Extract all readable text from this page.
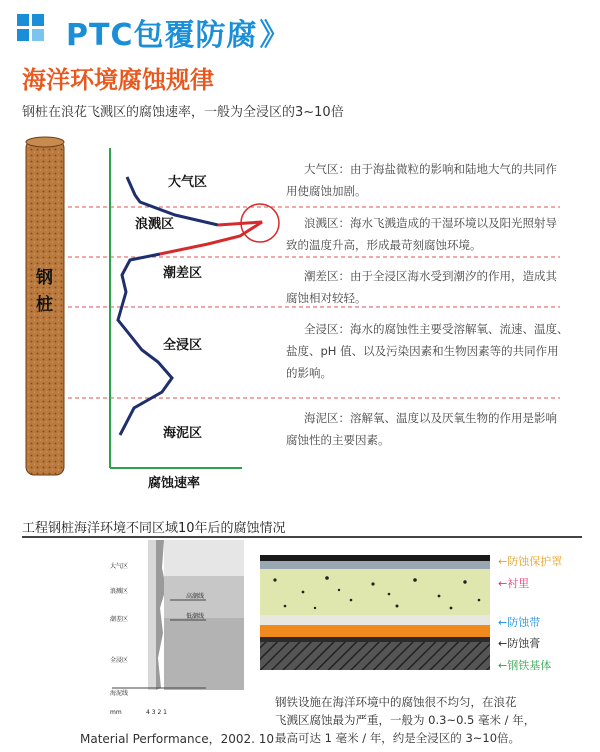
PTC包覆防腐》
海洋环境腐蚀规律
钢桩在浪花飞溅区的腐蚀速率，一般为全浸区的3~10倍
钢
桩
腐蚀速率
大气区
浪溅区
潮差区
全浸区
海泥区
大气区：由于海盐微粒的影响和陆地大气的共同作
用使腐蚀加剧。
浪溅区：海水飞溅造成的干湿环境以及阳光照射导
致的温度升高，形成最苛刻腐蚀环境。
潮差区：由于全浸区海水受到潮汐的作用，造成其
腐蚀相对较轻。
全浸区：海水的腐蚀性主要受溶解氧、流速、温度、
盐度、pH 值、以及污染因素和生物因素等的共同作用
的影响。
海泥区：溶解氧、温度以及厌氧生物的作用是影响
腐蚀性的主要因素。
工程钢桩海洋环境不同区域10年后的腐蚀情况
大气区
浪溅区
潮差区
全浸区
海泥线
高潮线
低潮线
mm	4 3 2 1
Material Performance，2002. 10
←防蚀保护罩
←衬里
←防蚀带
←防蚀膏
←钢铁基体
钢铁设施在海洋环境中的腐蚀很不均匀，在浪花
飞溅区腐蚀最为严重，一般为 0.3~0.5 毫米 / 年，
最高可达 1 毫米 / 年，约是全浸区的 3~10倍。
